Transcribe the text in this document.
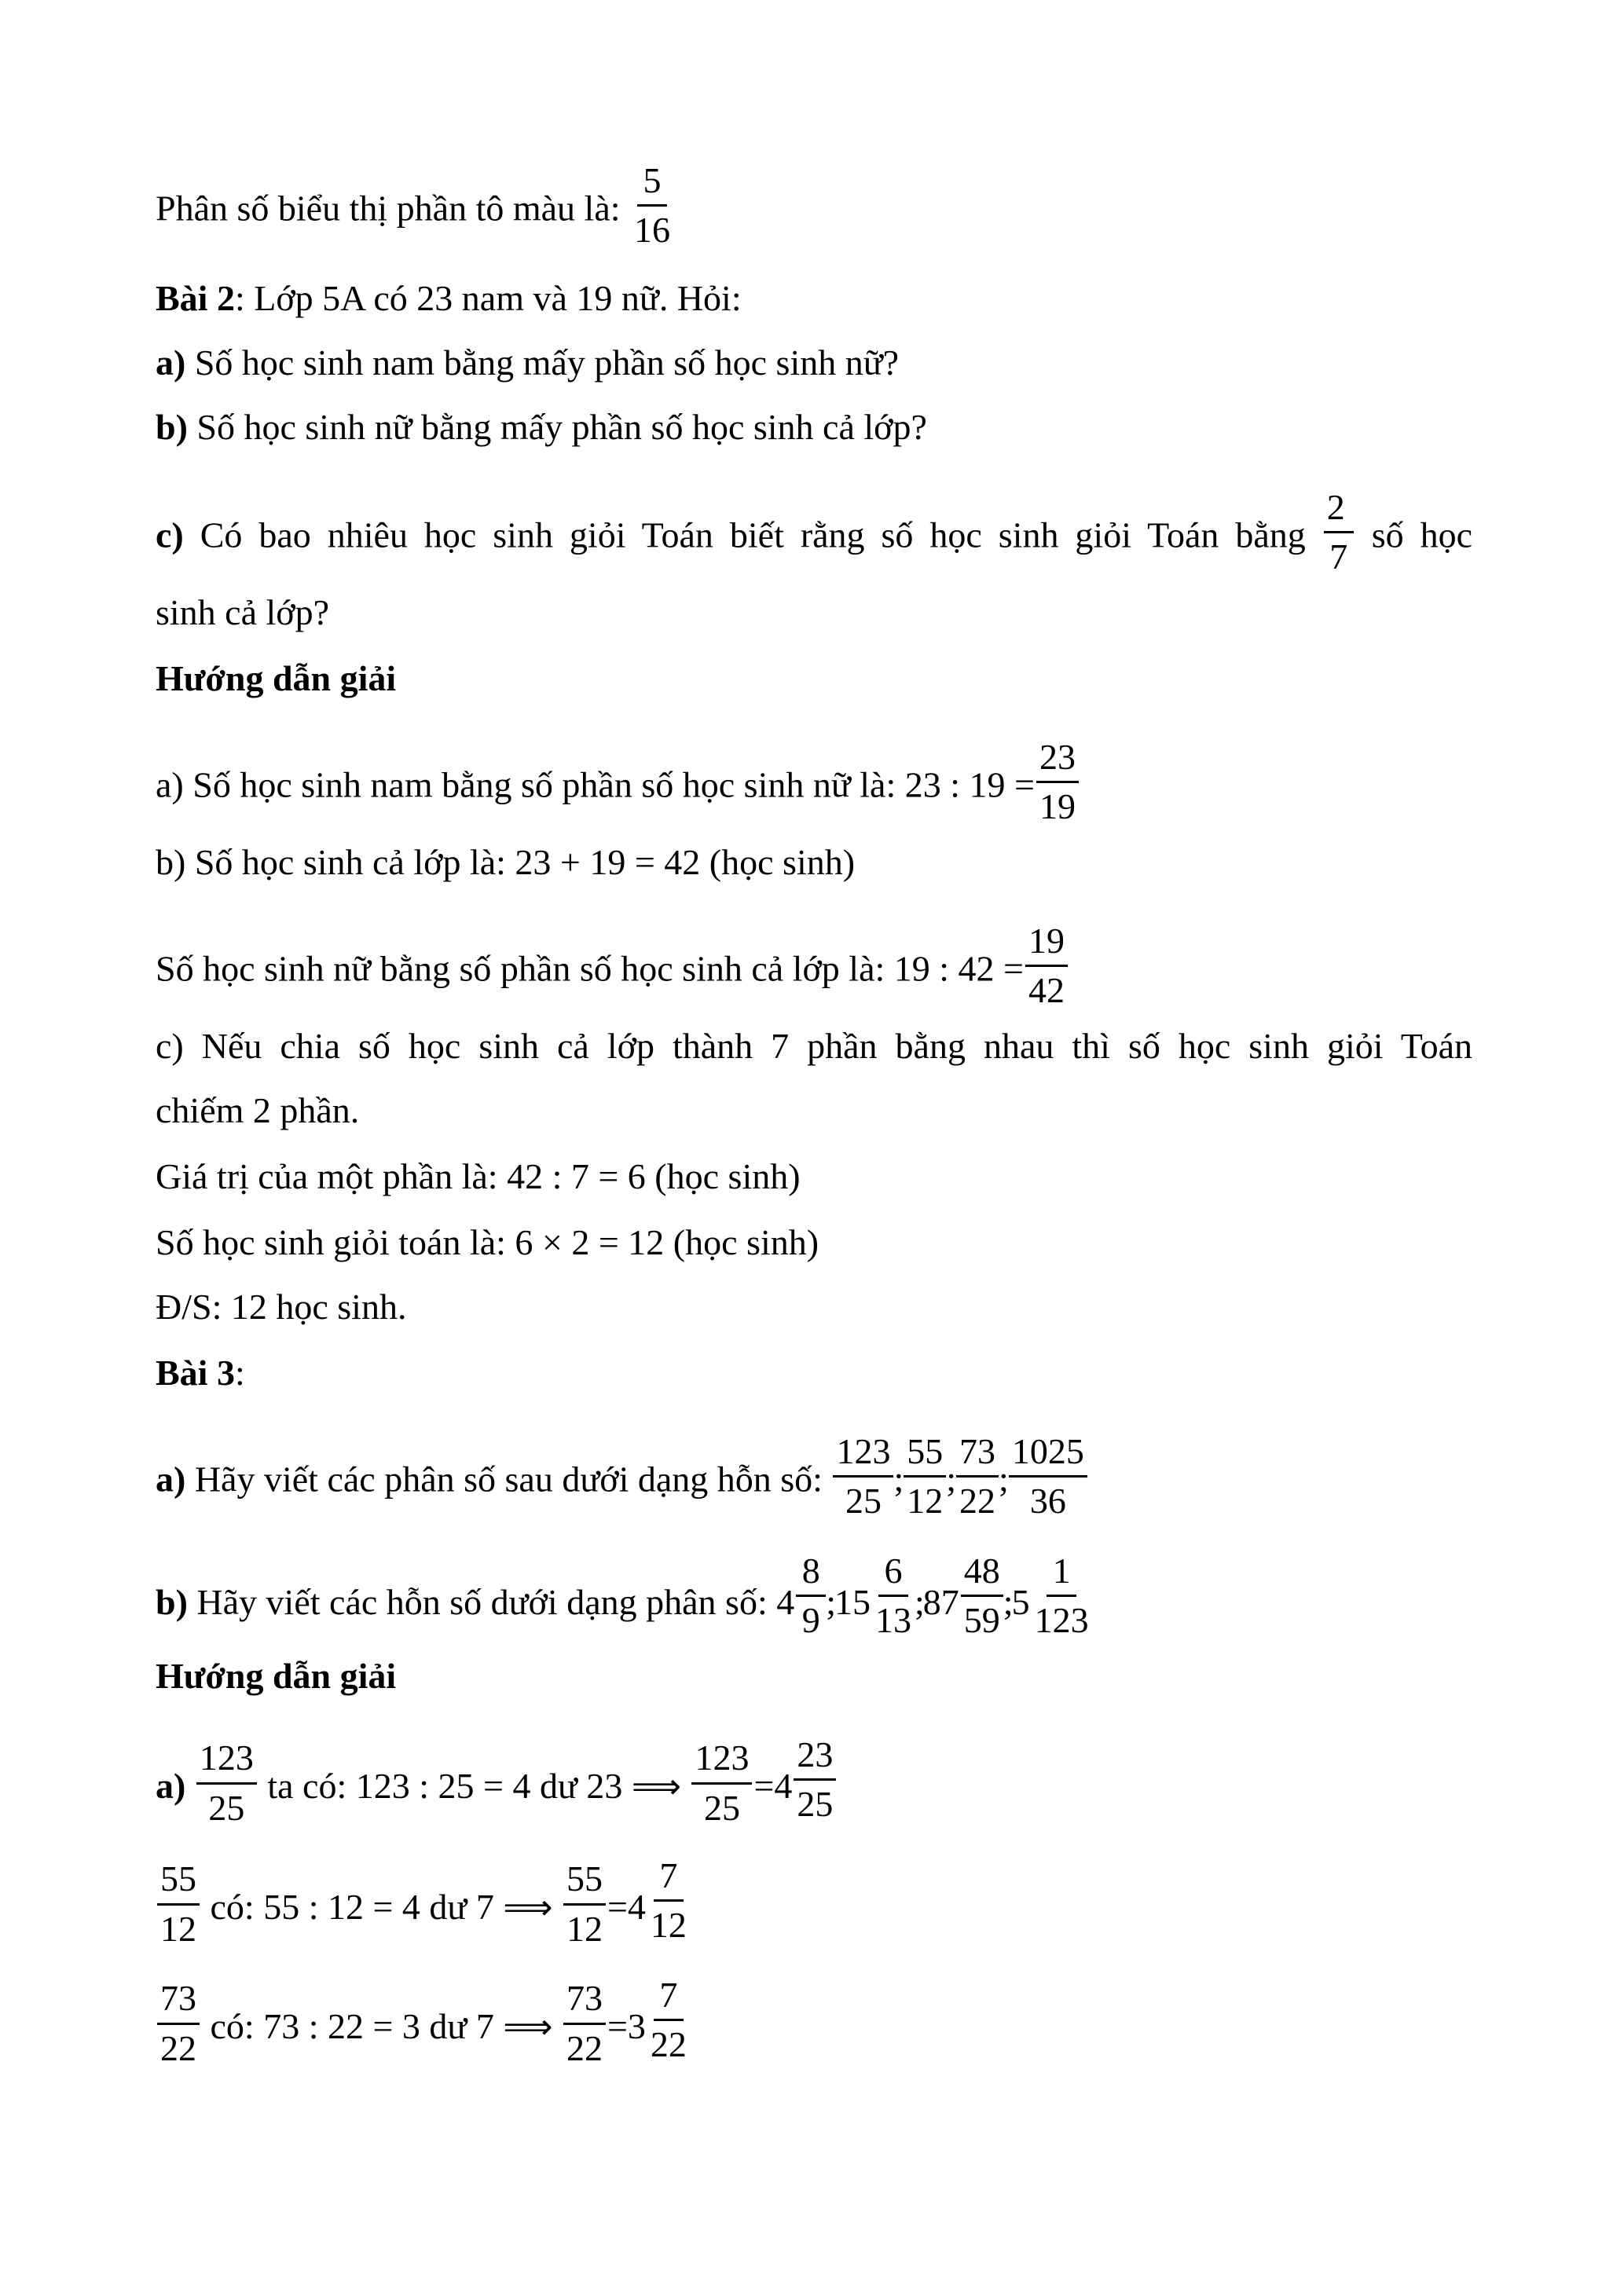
Phân số biểu thị phần tô màu là: $\frac{5}{16}$
Bài 2: Lớp 5A có 23 nam và 19 nữ. Hỏi:
a) Số học sinh nam bằng mấy phần số học sinh nữ?
b) Số học sinh nữ bằng mấy phần số học sinh cả lớp?
c) Có bao nhiêu học sinh giỏi Toán biết rằng số học sinh giỏi Toán bằng $\frac{2}{7}$ số học
sinh cả lớp?
Hướng dẫn giải
a) Số học sinh nam bằng số phần số học sinh nữ là: 23 : $19 = \frac{23}{19}$
b) Số học sinh cả lớp là: 23 + 19 = 42 (học sinh)
Số học sinh nữ bằng số phần số học sinh cả lớp là: 19 : $42 = \frac{19}{42}$
c) Nếu chia số học sinh cả lớp thành 7 phần bằng nhau thì số học sinh giỏi Toán
chiếm 2 phần.
Giá trị của một phần là: 42 : 7 = 6 (học sinh)
Số học sinh giỏi toán là: 6 × 2 = 12 (học sinh)
Đ/S: 12 học sinh.
Bài 3:
a) Hãy viết các phân số sau dưới dạng hỗn số: $\frac{123}{25}$ ; $\frac{55}{12}$ ; $\frac{73}{22}$ ; $\frac{1025}{36}$
b) Hãy viết các hỗn số dưới dạng phân số: $4 \frac{8}{9}$ ;
$15 \frac{6}{13}$ ;
$87 \frac{48}{59}$ ;
$5 \frac{1}{123}$
Hướng dẫn giải
$a) \frac{123}{25}$ ta có: 123 : 25 = 4 dư 23 ⟹ $\frac{123}{25} = 4 \frac{23}{25}$
$\frac{55}{12}$ có: 55 : 12 = 4 dư 7 ⟹ $\frac{55}{12} = 4 \frac{7}{12}$
$\frac{73}{22}$ có: 73 : 22 = 3 dư 7 ⟹ $\frac{73}{22} = 3 \frac{7}{22}$
